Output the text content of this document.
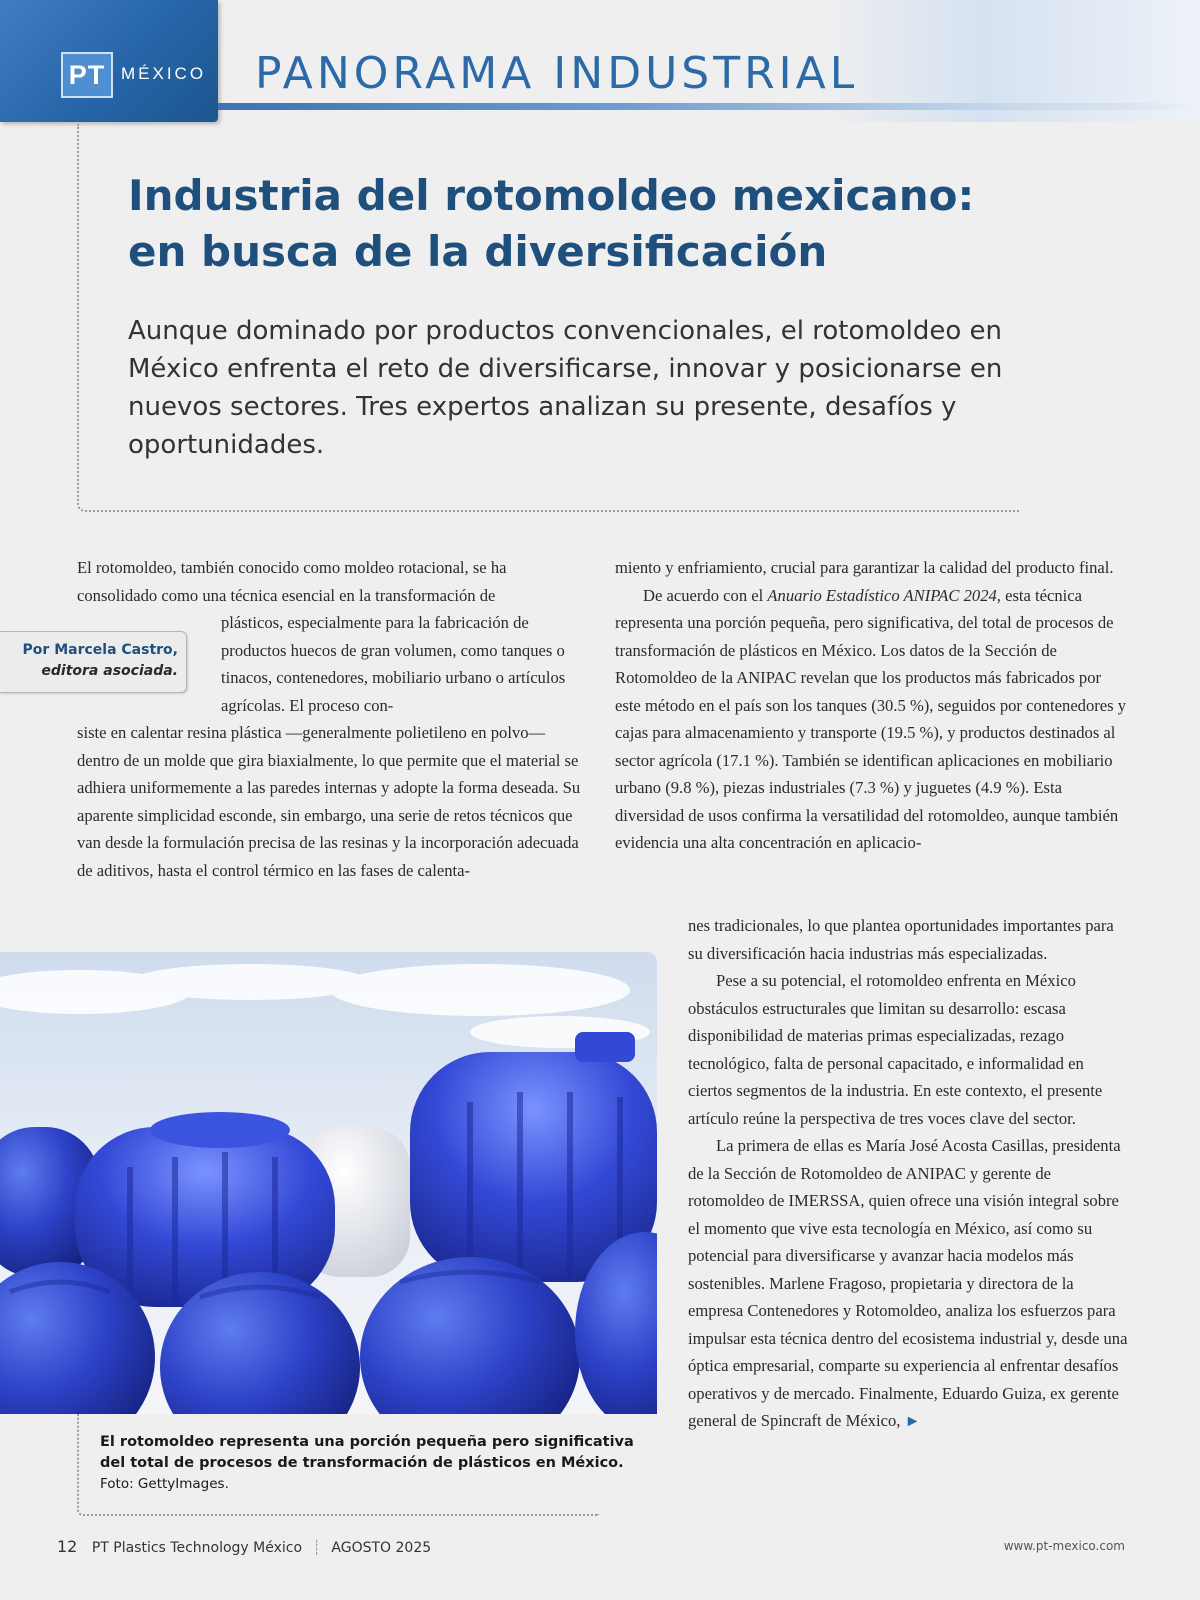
PT MÉXICO PANORAMA INDUSTRIAL
Industria del rotomoldeo mexicano:
en busca de la diversificación

Aunque dominado por productos convencionales, el rotomoldeo en México enfrenta el reto de diversificarse, innovar y posicionarse en nuevos sectores. Tres expertos analizan su presente, desafíos y oportunidades.

Por Marcela Castro,
editora asociada.

El rotomoldeo, también conocido como moldeo rotacional, se ha consolidado como una técnica esencial en la transformación de

plásticos, especialmente para la fabricación de productos huecos de gran volumen, como tanques o tinacos, contenedores, mobiliario urbano o artículos agrícolas. El proceso con-

siste en calentar resina plástica —generalmente polietileno en polvo— dentro de un molde que gira biaxialmente, lo que permite que el material se adhiera uniformemente a las paredes internas y adopte la forma deseada. Su aparente simplicidad esconde, sin embargo, una serie de retos técnicos que van desde la formulación precisa de las resinas y la incorporación adecuada de aditivos, hasta el control térmico en las fases de calenta-

miento y enfriamiento, crucial para garantizar la calidad del producto final.

De acuerdo con el Anuario Estadístico ANIPAC 2024, esta técnica representa una porción pequeña, pero significativa, del total de procesos de transformación de plásticos en México. Los datos de la Sección de Rotomoldeo de la ANIPAC revelan que los productos más fabricados por este método en el país son los tanques (30.5 %), seguidos por contenedores y cajas para almacenamiento y transporte (19.5 %), y productos destinados al sector agrícola (17.1 %). También se identifican aplicaciones en mobiliario urbano (9.8 %), piezas industriales (7.3 %) y juguetes (4.9 %). Esta diversidad de usos confirma la versatilidad del rotomoldeo, aunque también evidencia una alta concentración en aplicacio-

nes tradicionales, lo que plantea oportunidades importantes para su diversificación hacia industrias más especializadas.

Pese a su potencial, el rotomoldeo enfrenta en México obstáculos estructurales que limitan su desarrollo: escasa disponibilidad de materias primas especializadas, rezago tecnológico, falta de personal capacitado, e informalidad en ciertos segmentos de la industria. En este contexto, el presente artículo reúne la perspectiva de tres voces clave del sector.

La primera de ellas es María José Acosta Casillas, presidenta de la Sección de Rotomoldeo de ANIPAC y gerente de rotomoldeo de IMERSSA, quien ofrece una visión integral sobre el momento que vive esta tecnología en México, así como su potencial para diversificarse y avanzar hacia modelos más sostenibles. Marlene Fragoso, propietaria y directora de la empresa Contenedores y Rotomoldeo, analiza los esfuerzos para impulsar esta técnica dentro del ecosistema industrial y, desde una óptica empresarial, comparte su experiencia al enfrentar desafíos operativos y de mercado. Finalmente, Eduardo Guiza, ex gerente general de Spincraft de México, ►

El rotomoldeo representa una porción pequeña pero significativa del total de procesos de transformación de plásticos en México.

Foto: GettyImages.

12 PT Plastics Technology México ┊ AGOSTO 2025	www.pt-mexico.com
